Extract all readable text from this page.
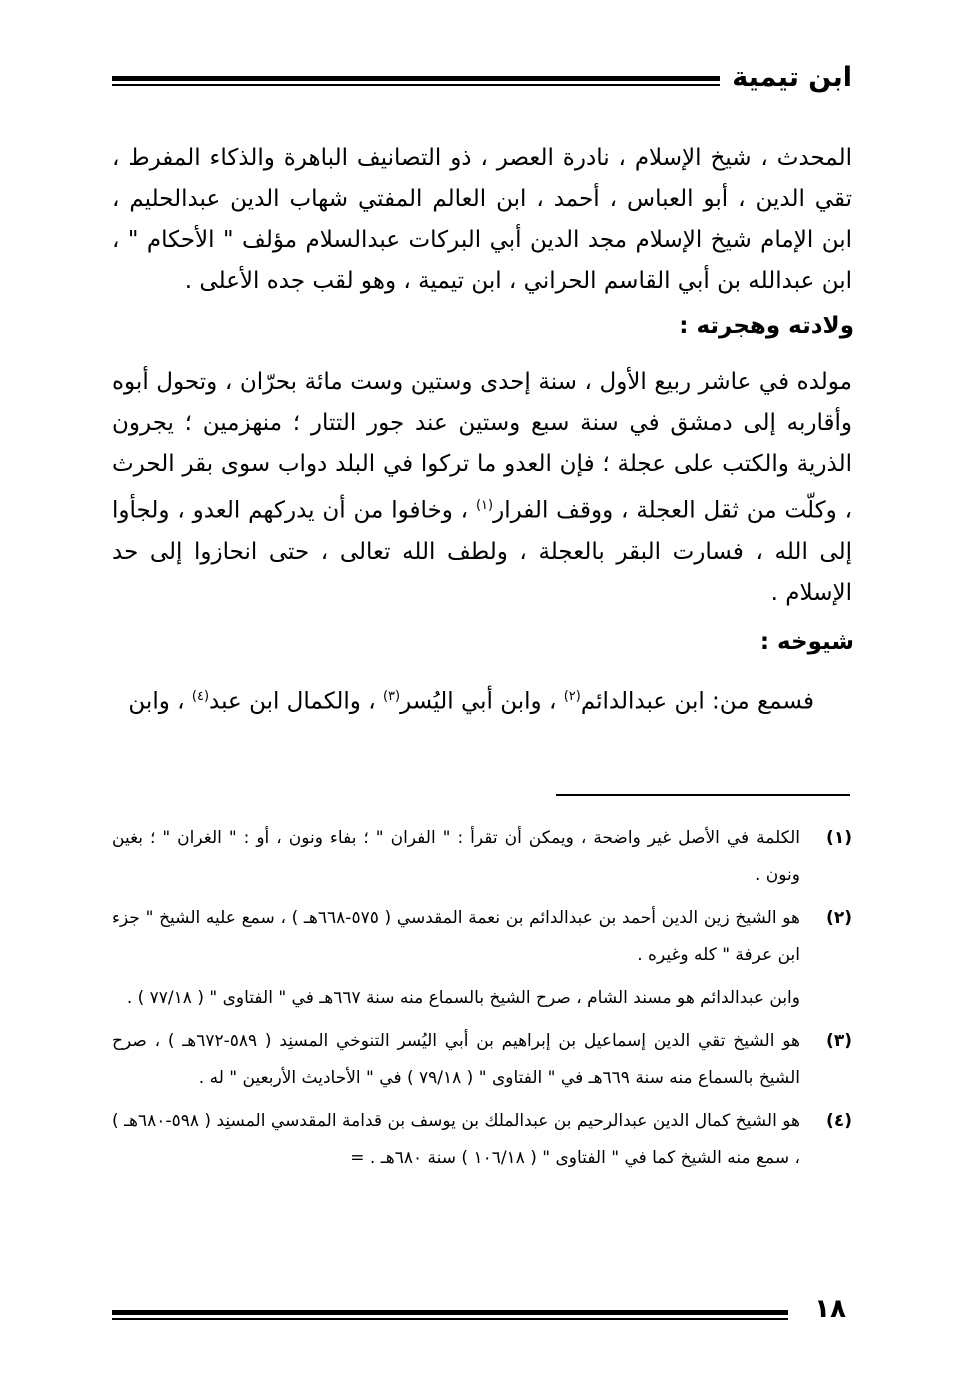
ابن تيمية

المحدث ، شيخ الإسلام ، نادرة العصر ، ذو التصانيف الباهرة والذكاء المفرط ، تقي الدين ، أبو العباس ، أحمد ، ابن العالم المفتي شهاب الدين عبدالحليم ، ابن الإمام شيخ الإسلام مجد الدين أبي البركات عبدالسلام مؤلف " الأحكام " ، ابن عبدالله بن أبي القاسم الحراني ، ابن تيمية ، وهو لقب جده الأعلى .

ولادته وهجرته :

مولده في عاشر ربيع الأول ، سنة إحدى وستين وست مائة بحرّان ، وتحول أبوه وأقاربه إلى دمشق في سنة سبع وستين عند جور التتار ؛ منهزمين ؛ يجرون الذرية والكتب على عجلة ؛ فإن العدو ما تركوا في البلد دواب سوى بقر الحرث ، وكلّت من ثقل العجلة ، ووقف الفرار$^{(١)}$ ، وخافوا من أن يدركهم العدو ، ولجأوا إلى الله ، فسارت البقر بالعجلة ، ولطف الله تعالى ، حتى انحازوا إلى حد الإسلام .

شيوخه :

فسمع من: ابن عبدالدائم$^{(٢)}$ ، وابن أبي اليُسر$^{(٣)}$ ، والكمال ابن عبد$^{(٤)}$ ، وابن

(١)
الكلمة في الأصل غير واضحة ، ويمكن أن تقرأ : " الفران " ؛ بفاء ونون ، أو : " الغران " ؛ بغين ونون .
(٢)
هو الشيخ زين الدين أحمد بن عبدالدائم بن نعمة المقدسي ( ٥٧٥-٦٦٨هـ ) ، سمع عليه الشيخ " جزء ابن عرفة " كله وغيره .
وابن عبدالدائم هو مسند الشام ، صرح الشيخ بالسماع منه سنة ٦٦٧هـ في " الفتاوى " ( ٧٧/١٨ ) .
(٣)
هو الشيخ تقي الدين إسماعيل بن إبراهيم بن أبي اليُسر التنوخي المسنِد ( ٥٨٩-٦٧٢هـ ) ، صرح الشيخ بالسماع منه سنة ٦٦٩هـ في " الفتاوى " ( ٧٩/١٨ ) في " الأحاديث الأربعين " له .
(٤)
هو الشيخ كمال الدين عبدالرحيم بن عبدالملك بن يوسف بن قدامة المقدسي المسنِد ( ٥٩٨-٦٨٠هـ ) ، سمع منه الشيخ كما في " الفتاوى " ( ١٠٦/١٨ ) سنة ٦٨٠هـ . =
١٨
